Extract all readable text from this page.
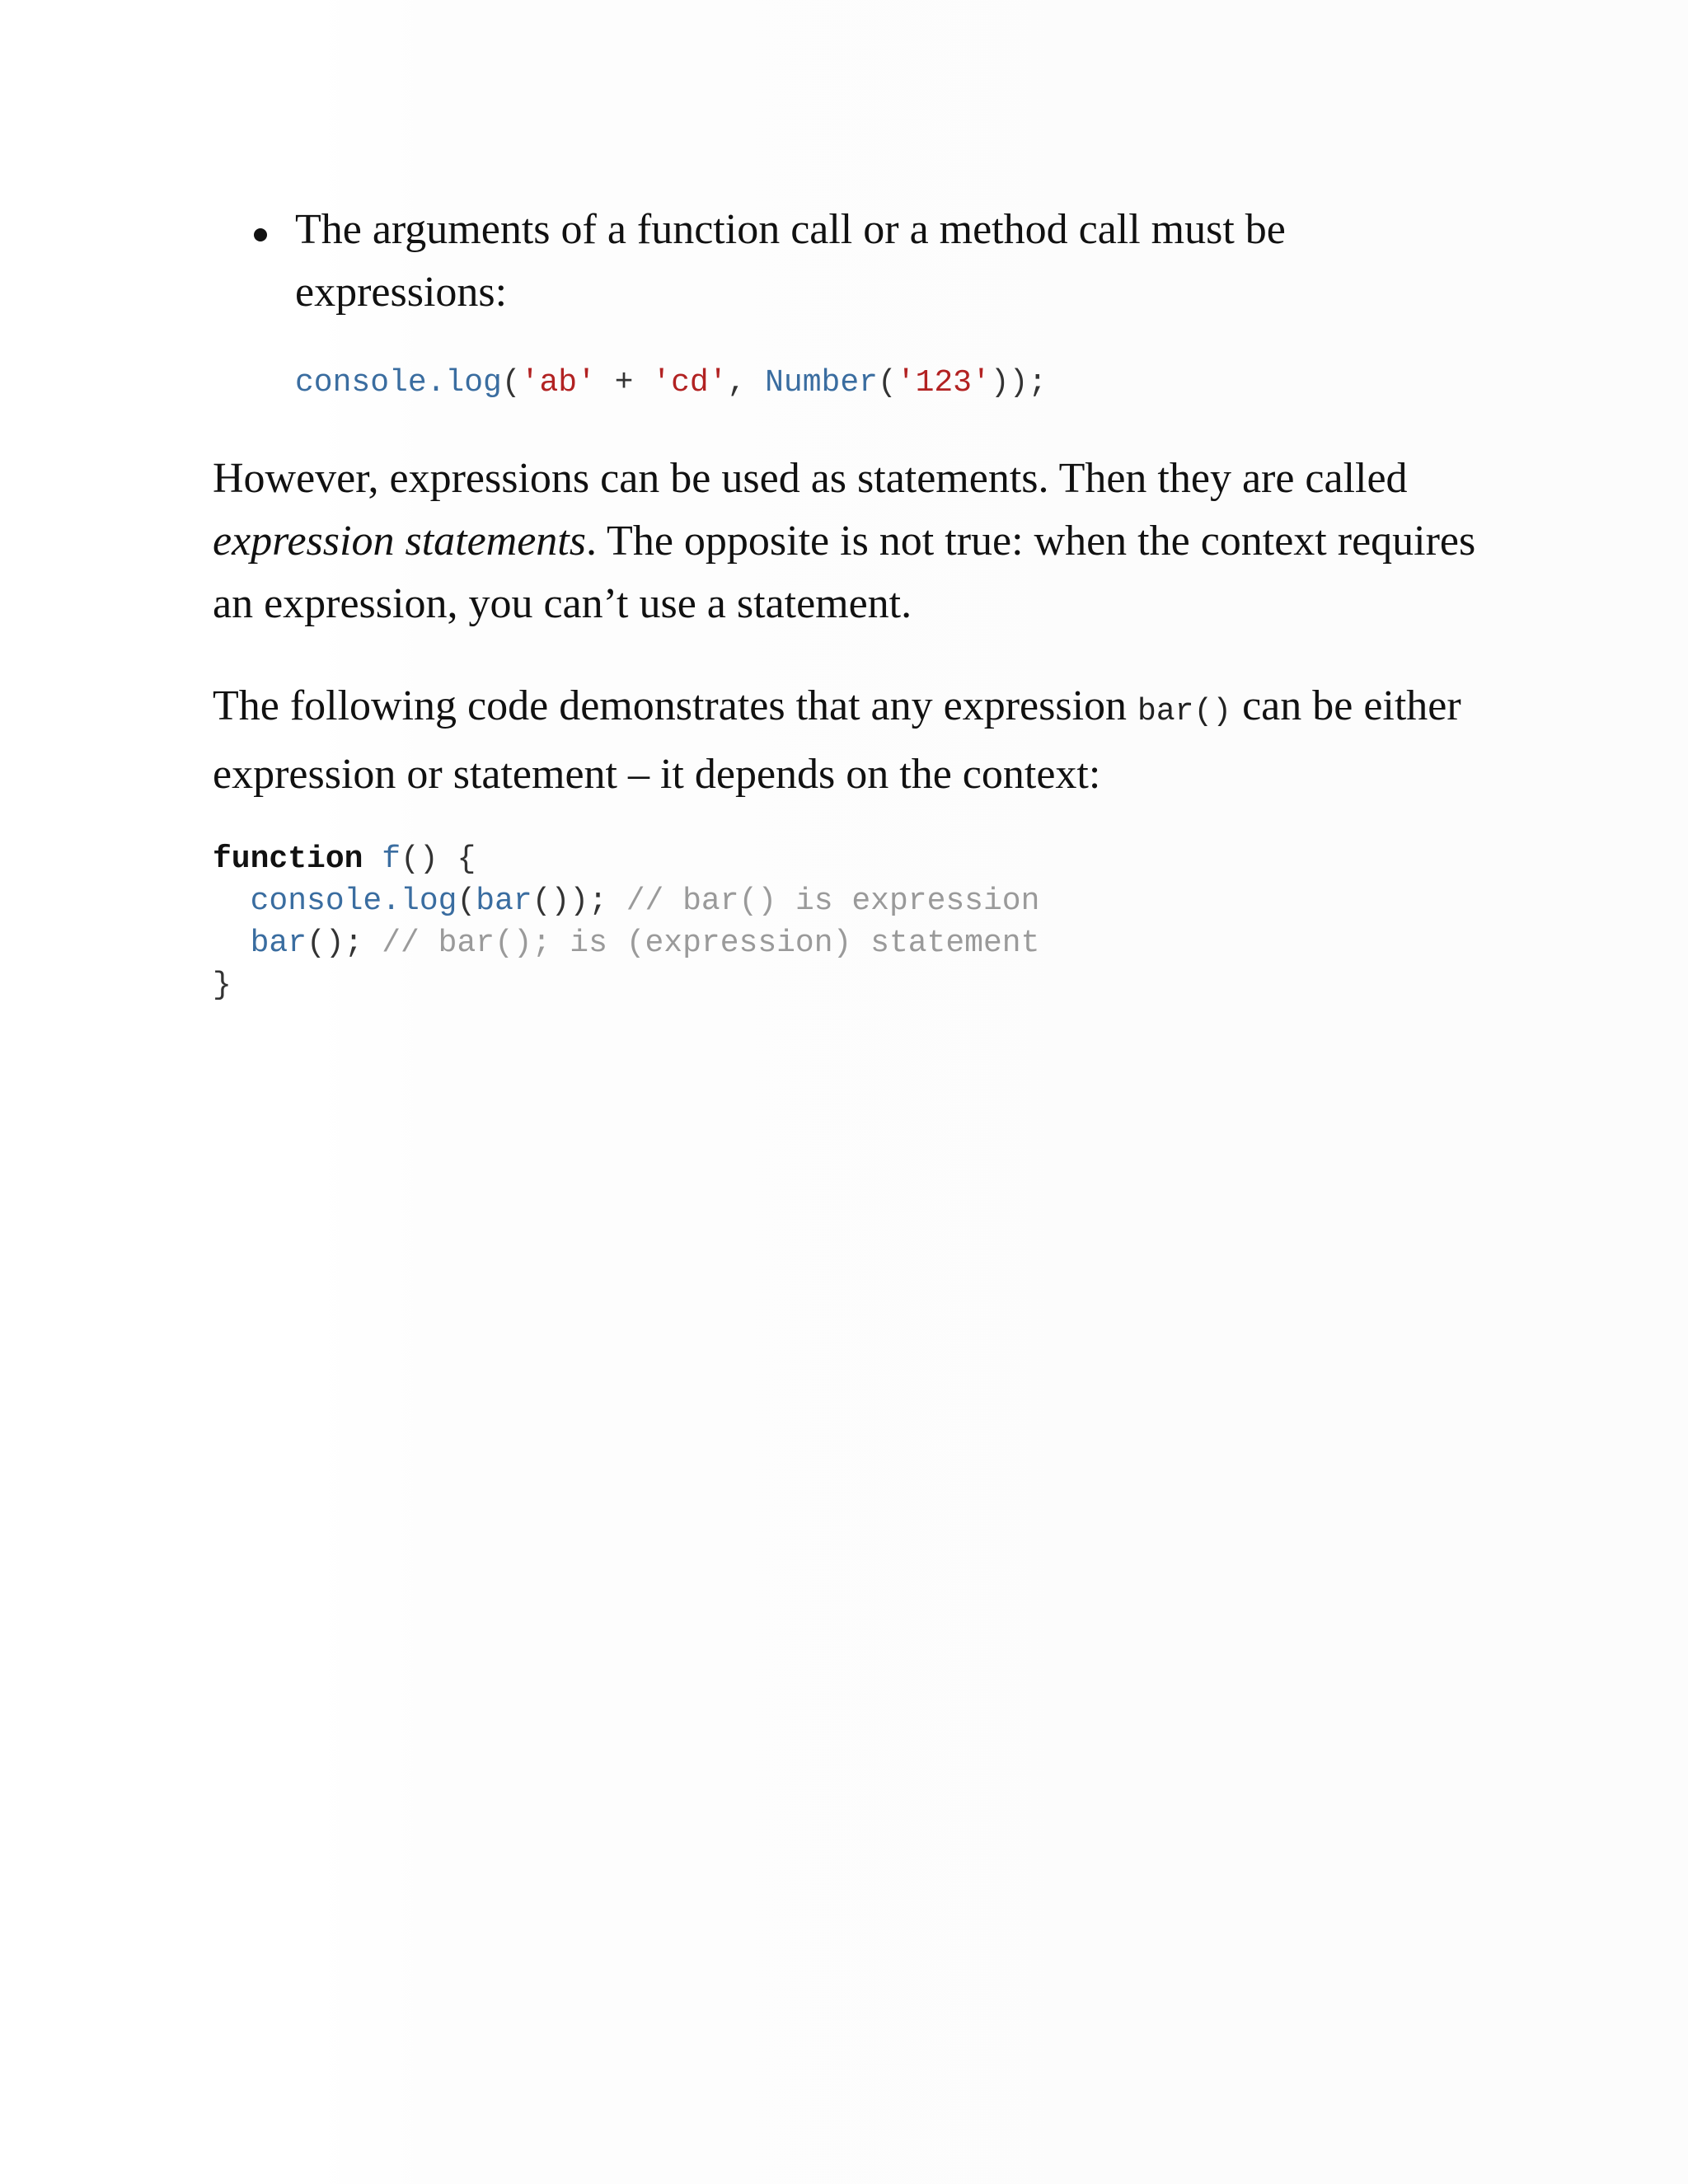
The arguments of a function call or a method call must be expressions:
console.log('ab' + 'cd', Number('123'));

However, expressions can be used as statements. Then they are called expression statements. The opposite is not true: when the context requires an expression, you can’t use a statement.

The following code demonstrates that any expression bar() can be either expression or statement – it depends on the context:

function f() {
console.log(bar()); // bar() is expression
bar(); // bar(); is (expression) statement
}
